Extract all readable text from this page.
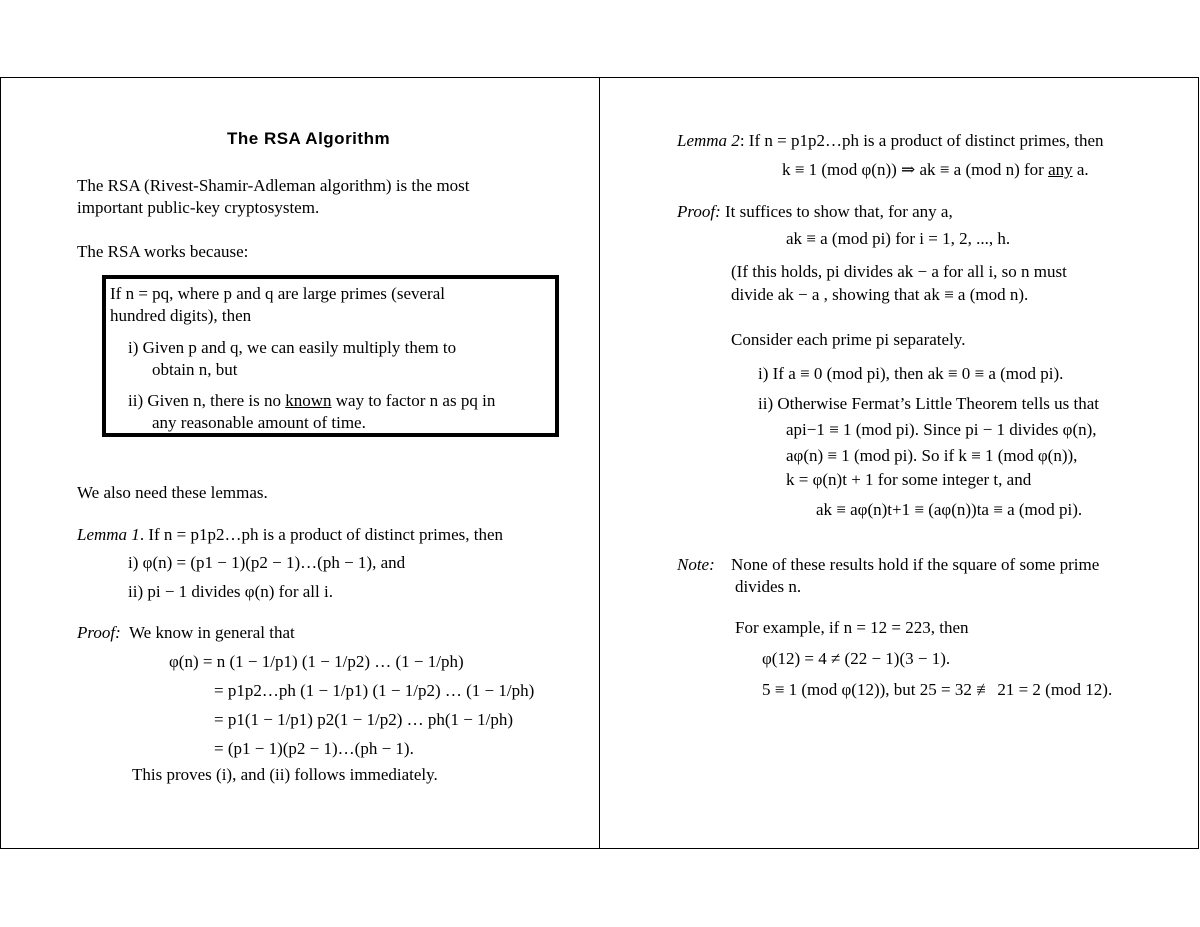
The RSA Algorithm
The RSA (Rivest-Shamir-Adleman algorithm) is the most
important public-key cryptosystem.
The RSA works because:
If n = pq, where p and q are large primes (several
hundred digits), then
i) Given p and q, we can easily multiply them to
obtain n, but
ii) Given n, there is no known way to factor n as pq in
any reasonable amount of time.
We also need these lemmas.
Lemma 1. If n = p1p2…ph is a product of distinct primes, then
i) φ(n) = (p1 − 1)(p2 − 1)…(ph − 1), and
ii) pi − 1 divides φ(n) for all i.
Proof: We know in general that
φ(n) = n (1 − 1/p1) (1 − 1/p2) … (1 − 1/ph)
= p1p2…ph (1 − 1/p1) (1 − 1/p2) … (1 − 1/ph)
= p1(1 − 1/p1) p2(1 − 1/p2) … ph(1 − 1/ph)
= (p1 − 1)(p2 − 1)…(ph − 1).
This proves (i), and (ii) follows immediately.
Lemma 2: If n = p1p2…ph is a product of distinct primes, then
k ≡ 1 (mod φ(n)) ⇒ ak ≡ a (mod n) for any a.
Proof: It suffices to show that, for any a,
ak ≡ a (mod pi) for i = 1, 2, ..., h.
(If this holds, pi divides ak − a for all i, so n must
divide ak − a , showing that ak ≡ a (mod n).
Consider each prime pi separately.
i) If a ≡ 0 (mod pi), then ak ≡ 0 ≡ a (mod pi).
ii) Otherwise Fermat’s Little Theorem tells us that
api−1 ≡ 1 (mod pi). Since pi − 1 divides φ(n),
aφ(n) ≡ 1 (mod pi). So if k ≡ 1 (mod φ(n)),
k = φ(n)t + 1 for some integer t, and
ak ≡ aφ(n)t+1 ≡ (aφ(n))ta ≡ a (mod pi).
Note: None of these results hold if the square of some prime
divides n.
For example, if n = 12 = 223, then
φ(12) = 4 ≠ (22 − 1)(3 − 1).
5 ≡ 1 (mod φ(12)), but 25 = 32 ≢ 21 = 2 (mod 12).
